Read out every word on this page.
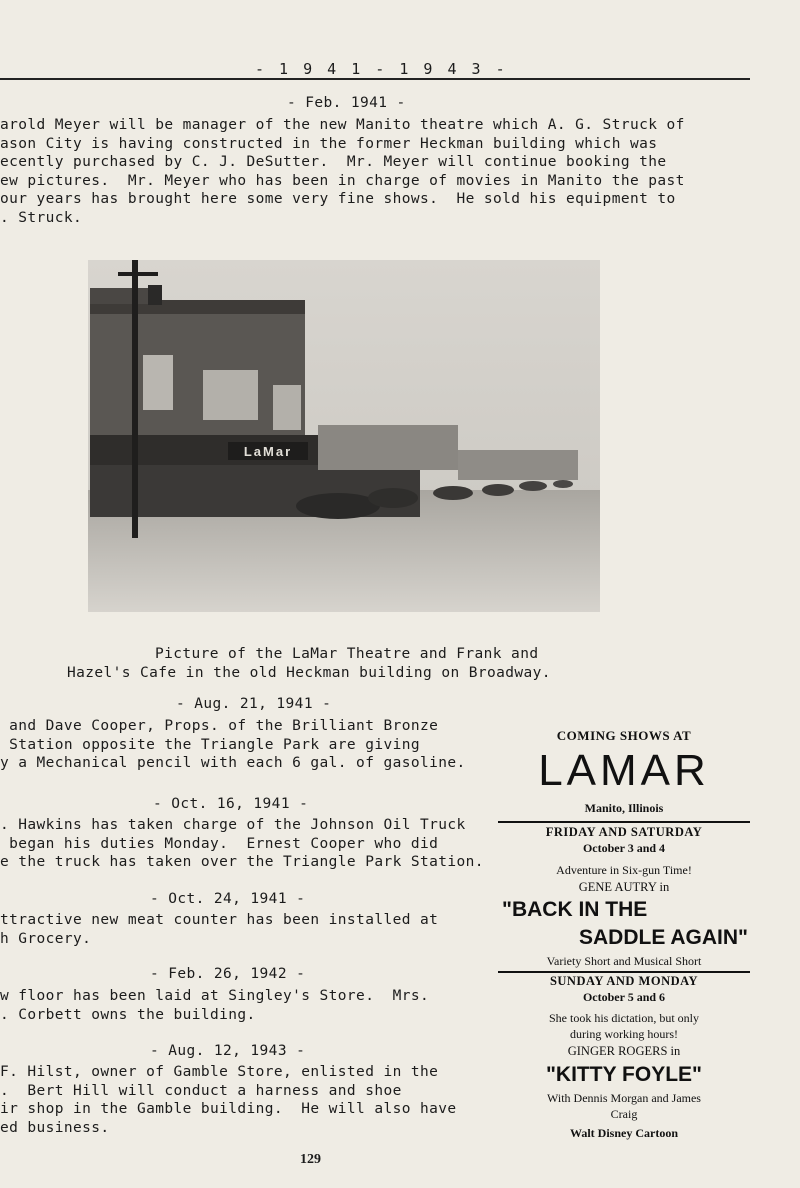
- 1 9 4 1 - 1 9 4 3 -
- Feb. 1941 -
arold Meyer will be manager of the new Manito theatre which A. G. Struck of
ason City is having constructed in the former Heckman building which was
ecently purchased by C. J. DeSutter.  Mr. Meyer will continue booking the
ew pictures.  Mr. Meyer who has been in charge of movies in Manito the past
our years has brought here some very fine shows.  He sold his equipment to
. Struck.
LaMar
Picture of the LaMar Theatre and Frank and
Hazel's Cafe in the old Heckman building on Broadway.
- Aug. 21, 1941 -
and Dave Cooper, Props. of the Brilliant Bronze
Station opposite the Triangle Park are giving
y a Mechanical pencil with each 6 gal. of gasoline.
- Oct. 16, 1941 -
. Hawkins has taken charge of the Johnson Oil Truck
began his duties Monday.  Ernest Cooper who did
e the truck has taken over the Triangle Park Station.
- Oct. 24, 1941 -
ttractive new meat counter has been installed at
h Grocery.
- Feb. 26, 1942 -
w floor has been laid at Singley's Store.  Mrs.
. Corbett owns the building.
- Aug. 12, 1943 -
F. Hilst, owner of Gamble Store, enlisted in the
.  Bert Hill will conduct a harness and shoe
ir shop in the Gamble building.  He will also have
ed business.
COMING SHOWS AT
LAMAR
Manito, Illinois
FRIDAY AND SATURDAY
October 3 and 4
Adventure in Six-gun Time!
GENE AUTRY in
"BACK IN THE
SADDLE AGAIN"
Variety Short and Musical Short
SUNDAY AND MONDAY
October 5 and 6
She took his dictation, but only
during working hours!
GINGER ROGERS in
"KITTY FOYLE"
With Dennis Morgan and James
Craig
Walt Disney Cartoon
129
